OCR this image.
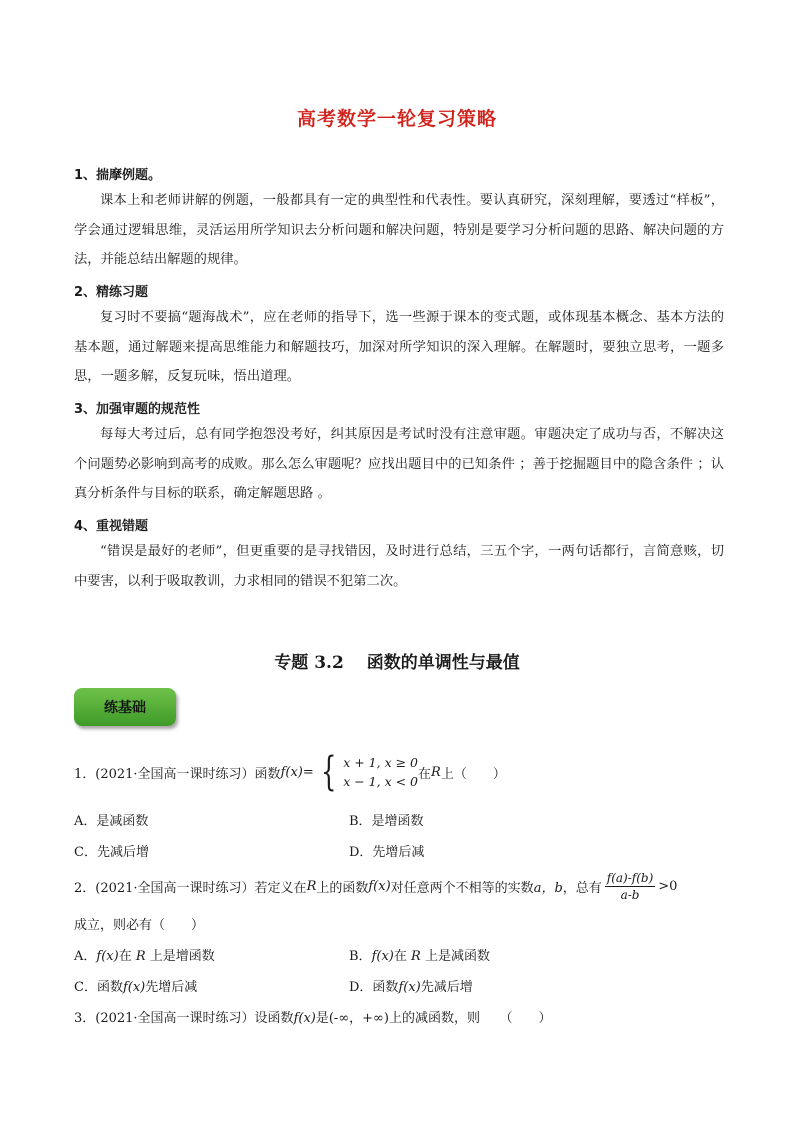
高考数学一轮复习策略
1、揣摩例题。

课本上和老师讲解的例题，一般都具有一定的典型性和代表性。要认真研究，深刻理解，要透过“样板”，学会通过逻辑思维，灵活运用所学知识去分析问题和解决问题，特别是要学习分析问题的思路、解决问题的方法，并能总结出解题的规律。

2、精练习题

复习时不要搞“题海战术”，应在老师的指导下，选一些源于课本的变式题，或体现基本概念、基本方法的基本题，通过解题来提高思维能力和解题技巧，加深对所学知识的深入理解。在解题时，要独立思考，一题多思，一题多解，反复玩味，悟出道理。

3、加强审题的规范性

每每大考过后，总有同学抱怨没考好，纠其原因是考试时没有注意审题。审题决定了成功与否，不解决这个问题势必影响到高考的成败。那么怎么审题呢？应找出题目中的已知条件 ；善于挖掘题目中的隐含条件 ；认真分析条件与目标的联系，确定解题思路 。

4、重视错题

“错误是最好的老师”，但更重要的是寻找错因，及时进行总结，三五个字，一两句话都行，言简意赅，切中要害，以利于吸取教训，力求相同的错误不犯第二次。

专题 3.2　 函数的单调性与最值
练基础
1．(2021·全国高一课时练习）函数 f(x)= { x + 1, x ≥ 0
x − 1, x < 0 在 R 上（　　）
A．是减函数	B．是增函数
C．先减后增	D．先增后减
2．(2021·全国高一课时练习）若定义在 R 上的函数 f(x) 对任意两个不相等的实数 a，b ，总有 $\frac{f(a)-f(b)}{a-b} >0$
成立，则必有（　　）
A．f(x)在 R 上是增函数	B．f(x)在 R 上是减函数
C．函数f(x)先增后减	D．函数f(x)先减后增
3．(2021·全国高一课时练习）设函数f(x)是(-∞，+∞)上的减函数，则　　（　　）
